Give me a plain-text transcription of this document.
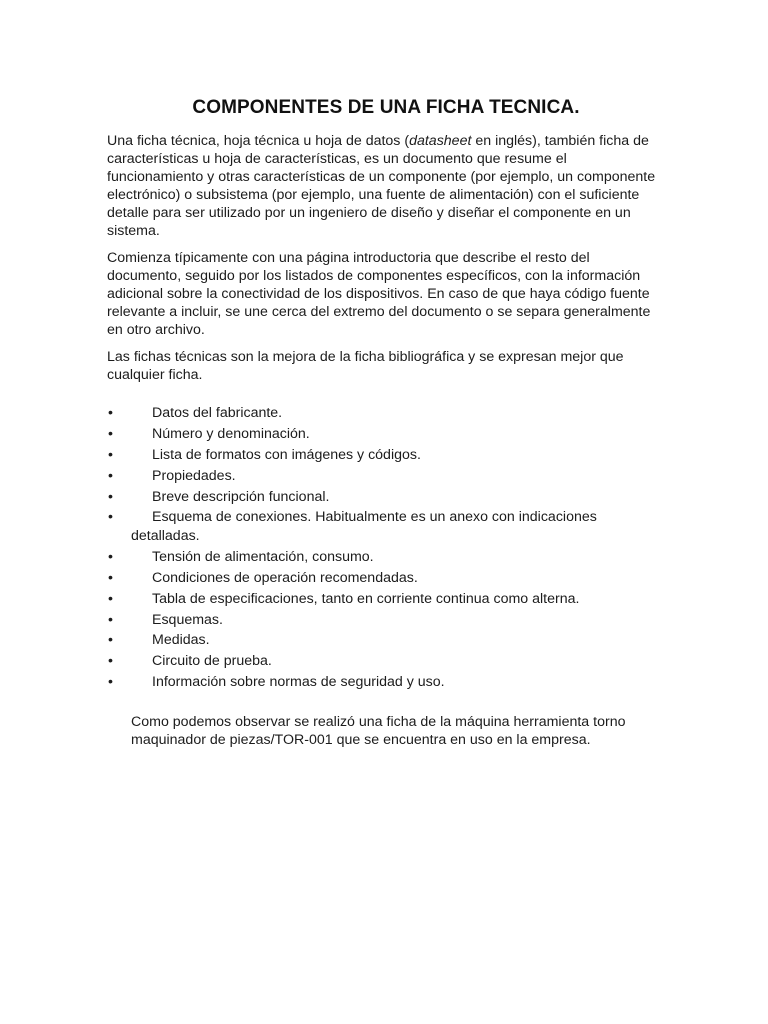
COMPONENTES DE UNA FICHA TECNICA.

Una ficha técnica, hoja técnica u hoja de datos (datasheet en inglés), también ficha de características u hoja de características, es un documento que resume el funcionamiento y otras características de un componente (por ejemplo, un componente electrónico) o subsistema (por ejemplo, una fuente de alimentación) con el suficiente detalle para ser utilizado por un ingeniero de diseño y diseñar el componente en un sistema.

Comienza típicamente con una página introductoria que describe el resto del documento, seguido por los listados de componentes específicos, con la información adicional sobre la conectividad de los dispositivos. En caso de que haya código fuente relevante a incluir, se une cerca del extremo del documento o se separa generalmente en otro archivo.

Las fichas técnicas son la mejora de la ficha bibliográfica y se expresan mejor que cualquier ficha.

•	Datos del fabricante.
•	Número y denominación.
•	Lista de formatos con imágenes y códigos.
•	Propiedades.
•	Breve descripción funcional.
•	Esquema de conexiones. Habitualmente es un anexo con indicaciones
detalladas.
•	Tensión de alimentación, consumo.
•	Condiciones de operación recomendadas.
•	Tabla de especificaciones, tanto en corriente continua como alterna.
•	Esquemas.
•	Medidas.
•	Circuito de prueba.
•	Información sobre normas de seguridad y uso.

Como podemos observar se realizó una ficha de la máquina herramienta torno maquinador de piezas/TOR-001 que se encuentra en uso en la empresa.
